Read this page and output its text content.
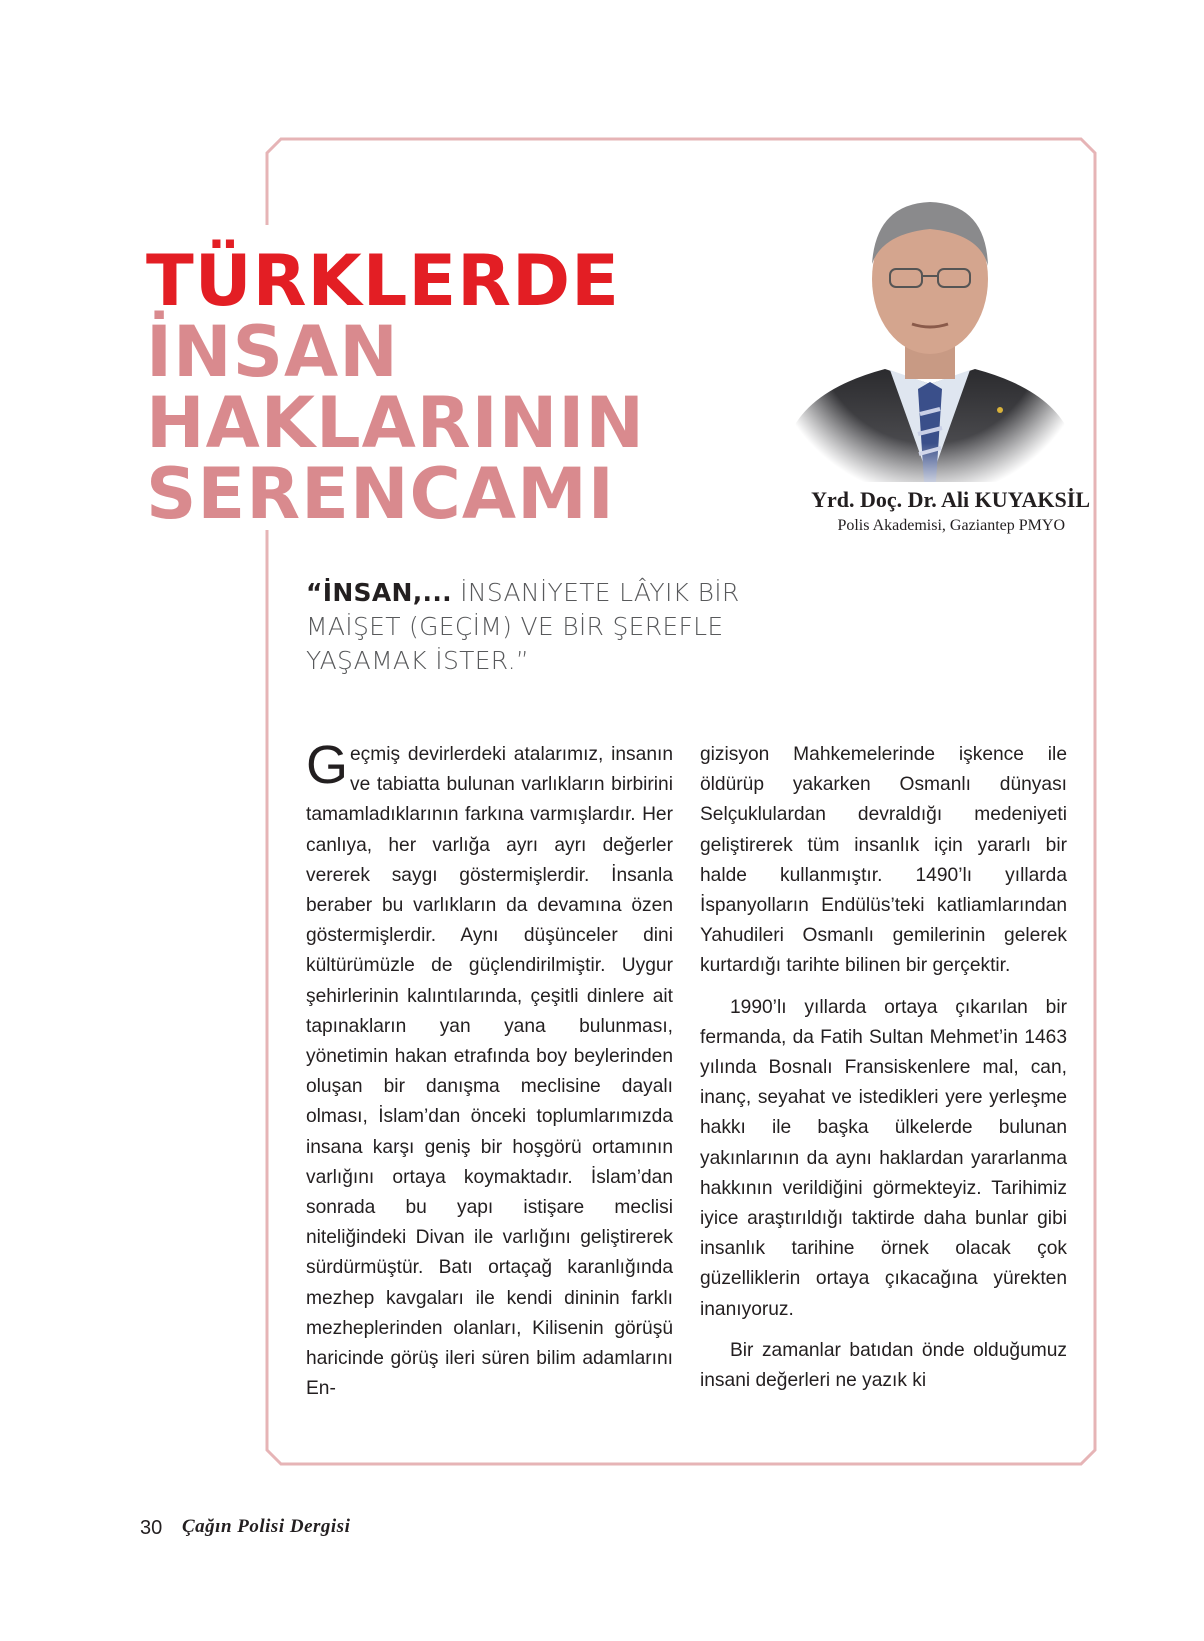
TÜRKLERDE
İNSAN
HAKLARININ
SERENCAMI	Yrd. Doç. Dr. Ali KUYAKSİL
Polis Akademisi, Gaziantep PMYO

“İNSAN,... İNSANİYETE LÂYIK BİR MAİŞET (GEÇİM) VE BİR ŞEREFLE YAŞAMAK İSTER.”

Geçmiş devirlerdeki atalarımız, insanın ve tabiatta bulunan varlıkların birbirini tamamladıklarının farkına varmışlardır. Her canlıya, her varlığa ayrı ayrı değerler vererek saygı göstermişlerdir. İnsanla beraber bu varlıkların da devamına özen göstermişlerdir. Aynı düşünceler dini kültürümüzle de güçlendirilmiştir. Uygur şehirlerinin kalıntılarında, çeşitli dinlere ait tapınakların yan yana bulunması, yönetimin hakan etrafında boy beylerinden oluşan bir danışma meclisine dayalı olması, İslam’dan önceki toplumlarımızda insana karşı geniş bir hoşgörü ortamının varlığını ortaya koymaktadır. İslam’dan sonrada bu yapı istişare meclisi niteliğindeki Divan ile varlığını geliştirerek sürdürmüştür. Batı ortaçağ karanlığında mezhep kavgaları ile kendi dininin farklı mezheplerinden olanları, Kilisenin görüşü haricinde görüş ileri süren bilim adamlarını En-

gizisyon Mahkemelerinde işkence ile öldürüp yakarken Osmanlı dünyası Selçuklulardan devraldığı medeniyeti geliştirerek tüm insanlık için yararlı bir halde kullanmıştır. 1490’lı yıllarda İspanyolların Endülüs’teki katliamlarından Yahudileri Osmanlı gemilerinin gelerek kurtardığı tarihte bilinen bir gerçektir.

1990’lı yıllarda ortaya çıkarılan bir fermanda, da Fatih Sultan Mehmet’in 1463 yılında Bosnalı Fransiskenlere mal, can, inanç, seyahat ve istedikleri yere yerleşme hakkı ile başka ülkelerde bulunan yakınlarının da aynı haklardan yararlanma hakkının verildiğini görmekteyiz. Tarihimiz iyice araştırıldığı taktirde daha bunlar gibi insanlık tarihine örnek olacak çok güzelliklerin ortaya çıkacağına yürekten inanıyoruz.

Bir zamanlar batıdan önde olduğumuz insani değerleri ne yazık ki

30 Çağın Polisi Dergisi
